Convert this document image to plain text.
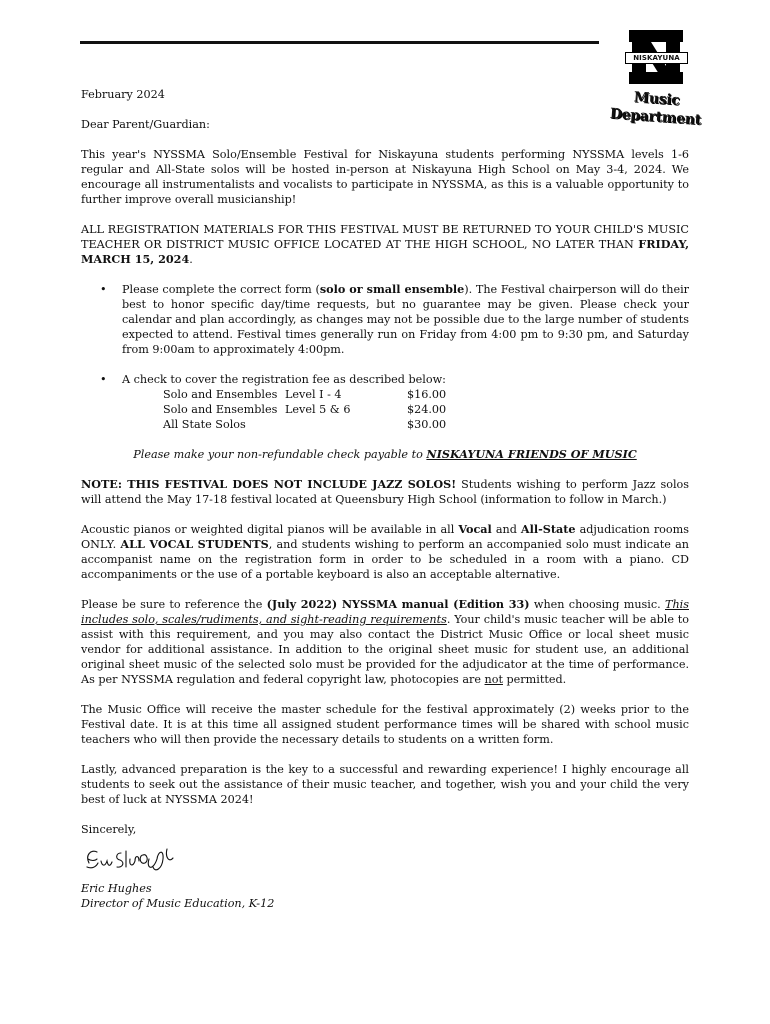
NISKAYUNA
Music Department

February 2024

Dear Parent/Guardian:

This year's NYSSMA Solo/Ensemble Festival for Niskayuna students performing NYSSMA levels 1-6 regular and All-State solos will be hosted in-person at Niskayuna High School on May 3-4, 2024. We encourage all instrumentalists and vocalists to participate in NYSSMA, as this is a valuable opportunity to further improve overall musicianship!

ALL REGISTRATION MATERIALS FOR THIS FESTIVAL MUST BE RETURNED TO YOUR CHILD'S MUSIC TEACHER OR DISTRICT MUSIC OFFICE LOCATED AT THE HIGH SCHOOL, NO LATER THAN FRIDAY, MARCH 15, 2024.

• Please complete the correct form (solo or small ensemble). The Festival chairperson will do their best to honor specific day/time requests, but no guarantee may be given. Please check your calendar and plan accordingly, as changes may not be possible due to the large number of students expected to attend. Festival times generally run on Friday from 4:00 pm to 9:30 pm, and Saturday from 9:00am to approximately 4:00pm.
• A check to cover the registration fee as described below:
Solo and Ensembles Level I - 4	$16.00
Solo and Ensembles Level 5 & 6	$24.00
All State Solos	$30.00

Please make your non-refundable check payable to NISKAYUNA FRIENDS OF MUSIC

NOTE: THIS FESTIVAL DOES NOT INCLUDE JAZZ SOLOS! Students wishing to perform Jazz solos will attend the May 17-18 festival located at Queensbury High School (information to follow in March.)

Acoustic pianos or weighted digital pianos will be available in all Vocal and All-State adjudication rooms ONLY. ALL VOCAL STUDENTS, and students wishing to perform an accompanied solo must indicate an accompanist name on the registration form in order to be scheduled in a room with a piano. CD accompaniments or the use of a portable keyboard is also an acceptable alternative.

Please be sure to reference the (July 2022) NYSSMA manual (Edition 33) when choosing music. This includes solo, scales/rudiments, and sight-reading requirements. Your child's music teacher will be able to assist with this requirement, and you may also contact the District Music Office or local sheet music vendor for additional assistance. In addition to the original sheet music for student use, an additional original sheet music of the selected solo must be provided for the adjudicator at the time of performance. As per NYSSMA regulation and federal copyright law, photocopies are not permitted.

The Music Office will receive the master schedule for the festival approximately (2) weeks prior to the Festival date. It is at this time all assigned student performance times will be shared with school music teachers who will then provide the necessary details to students on a written form.

Lastly, advanced preparation is the key to a successful and rewarding experience! I highly encourage all students to seek out the assistance of their music teacher, and together, wish you and your child the very best of luck at NYSSMA 2024!

Sincerely,

Eric Hughes

Director of Music Education, K-12
